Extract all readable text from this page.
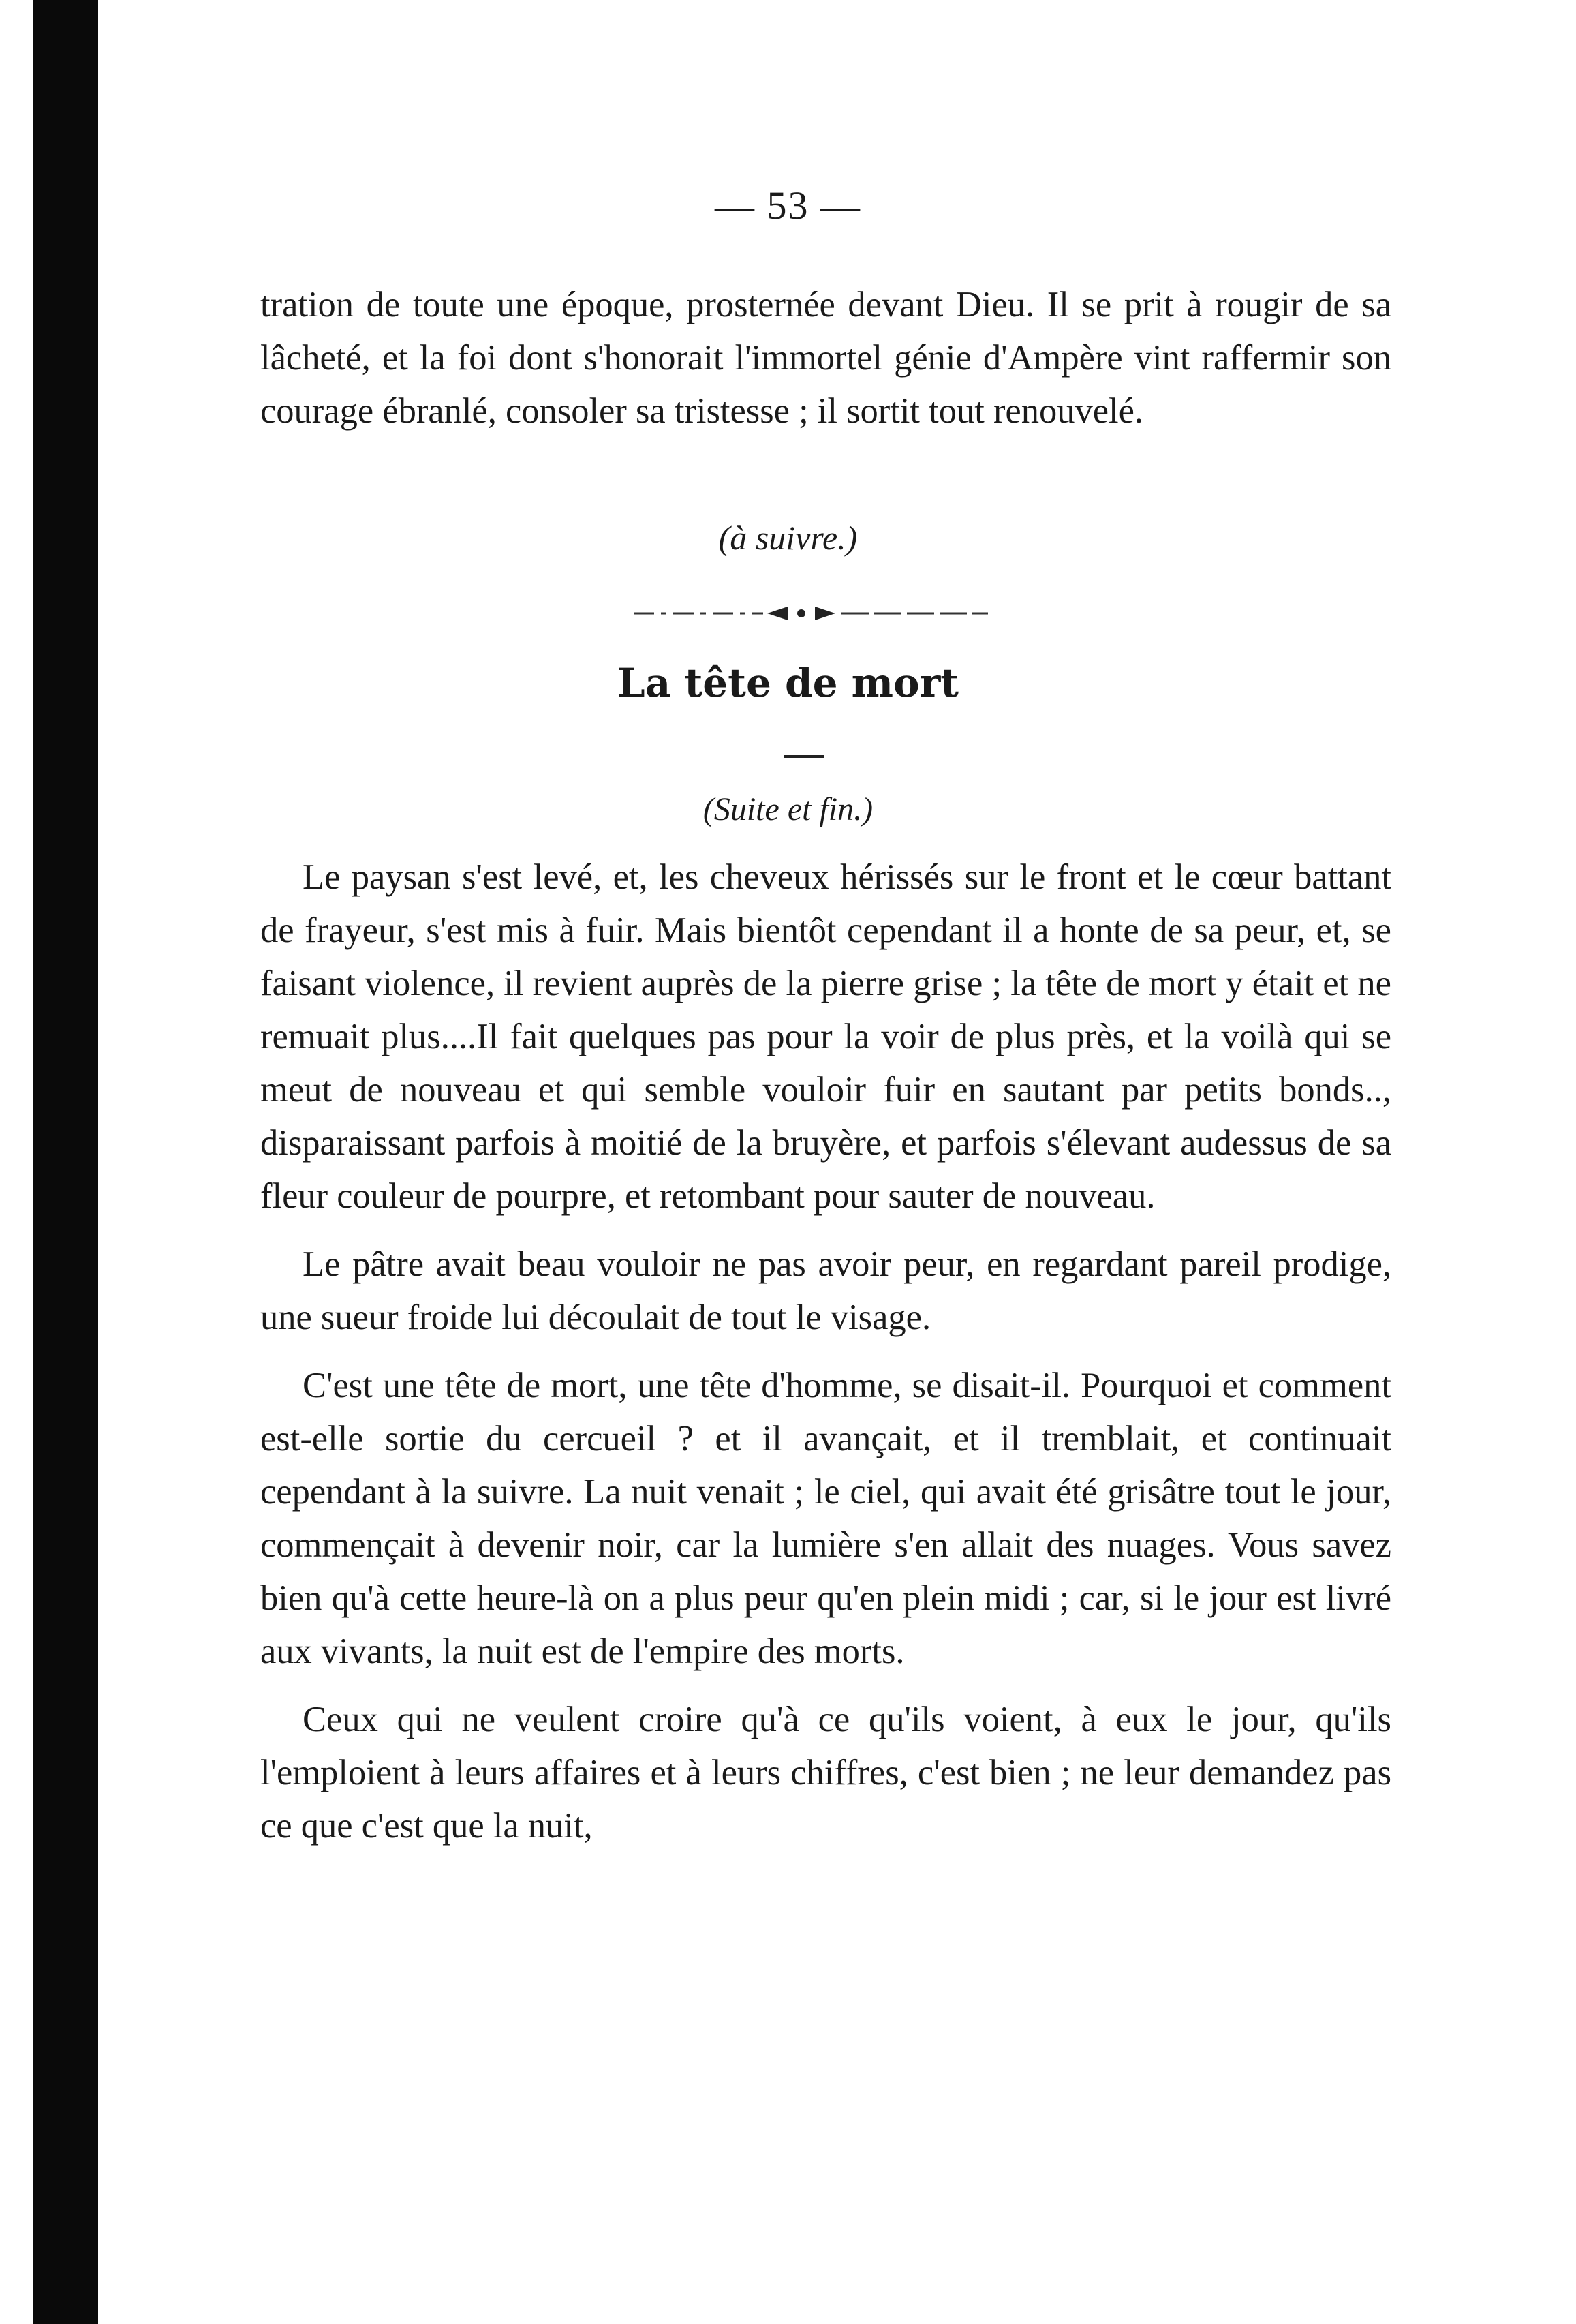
— 53 —

tration de toute une époque, prosternée devant Dieu. Il se prit à rougir de sa lâcheté, et la foi dont s'honorait l'immortel génie d'Ampère vint raffermir son courage ébranlé, consoler sa tristesse ; il sortit tout renouvelé.

(à suivre.)
La tête de mort
(Suite et fin.)

Le paysan s'est levé, et, les cheveux hérissés sur le front et le cœur battant de frayeur, s'est mis à fuir. Mais bientôt cependant il a honte de sa peur, et, se faisant violence, il revient auprès de la pierre grise ; la tête de mort y était et ne remuait plus....Il fait quelques pas pour la voir de plus près, et la voilà qui se meut de nouveau et qui semble vouloir fuir en sautant par petits bonds.., disparaissant parfois à moitié de la bruyère, et parfois s'élevant audessus de sa fleur couleur de pourpre, et retombant pour sauter de nouveau.

Le pâtre avait beau vouloir ne pas avoir peur, en regardant pareil prodige, une sueur froide lui découlait de tout le visage.

C'est une tête de mort, une tête d'homme, se disait-il. Pourquoi et comment est-elle sortie du cercueil ? et il avançait, et il tremblait, et continuait cependant à la suivre. La nuit venait ; le ciel, qui avait été grisâtre tout le jour, commençait à devenir noir, car la lumière s'en allait des nuages. Vous savez bien qu'à cette heure-là on a plus peur qu'en plein midi ; car, si le jour est livré aux vivants, la nuit est de l'empire des morts.

Ceux qui ne veulent croire qu'à ce qu'ils voient, à eux le jour, qu'ils l'emploient à leurs affaires et à leurs chiffres, c'est bien ; ne leur demandez pas ce que c'est que la nuit,
